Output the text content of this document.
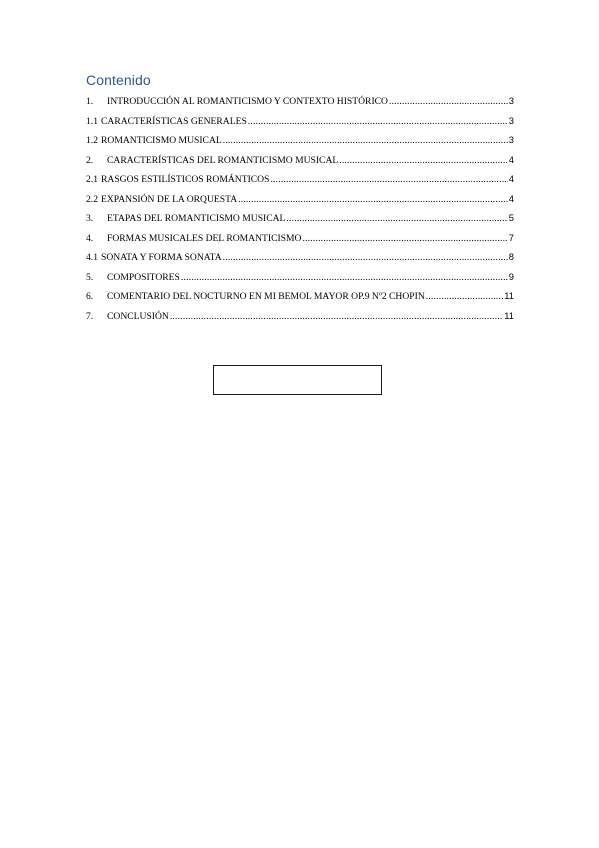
Contenido
1.	INTRODUCCIÓN AL ROMANTICISMO Y CONTEXTO HISTÓRICO .....	3
1.1 CARACTERÍSTICAS GENERALES .....	3
1.2 ROMANTICISMO MUSICAL .....	3
2.	CARACTERÍSTICAS DEL ROMANTICISMO MUSICAL .....	4
2.1 RASGOS ESTILÍSTICOS ROMÁNTICOS .....	4
2.2 EXPANSIÓN DE LA ORQUESTA .....	4
3.	ETAPAS DEL ROMANTICISMO MUSICAL .....	5
4.	FORMAS MUSICALES DEL ROMANTICISMO .....	7
4.1 SONATA Y FORMA SONATA .....	8
5.	COMPOSITORES .....	9
6.	COMENTARIO DEL NOCTURNO EN MI BEMOL MAYOR OP.9 Nº2 CHOPIN .....	11
7.	CONCLUSIÓN .....	11
